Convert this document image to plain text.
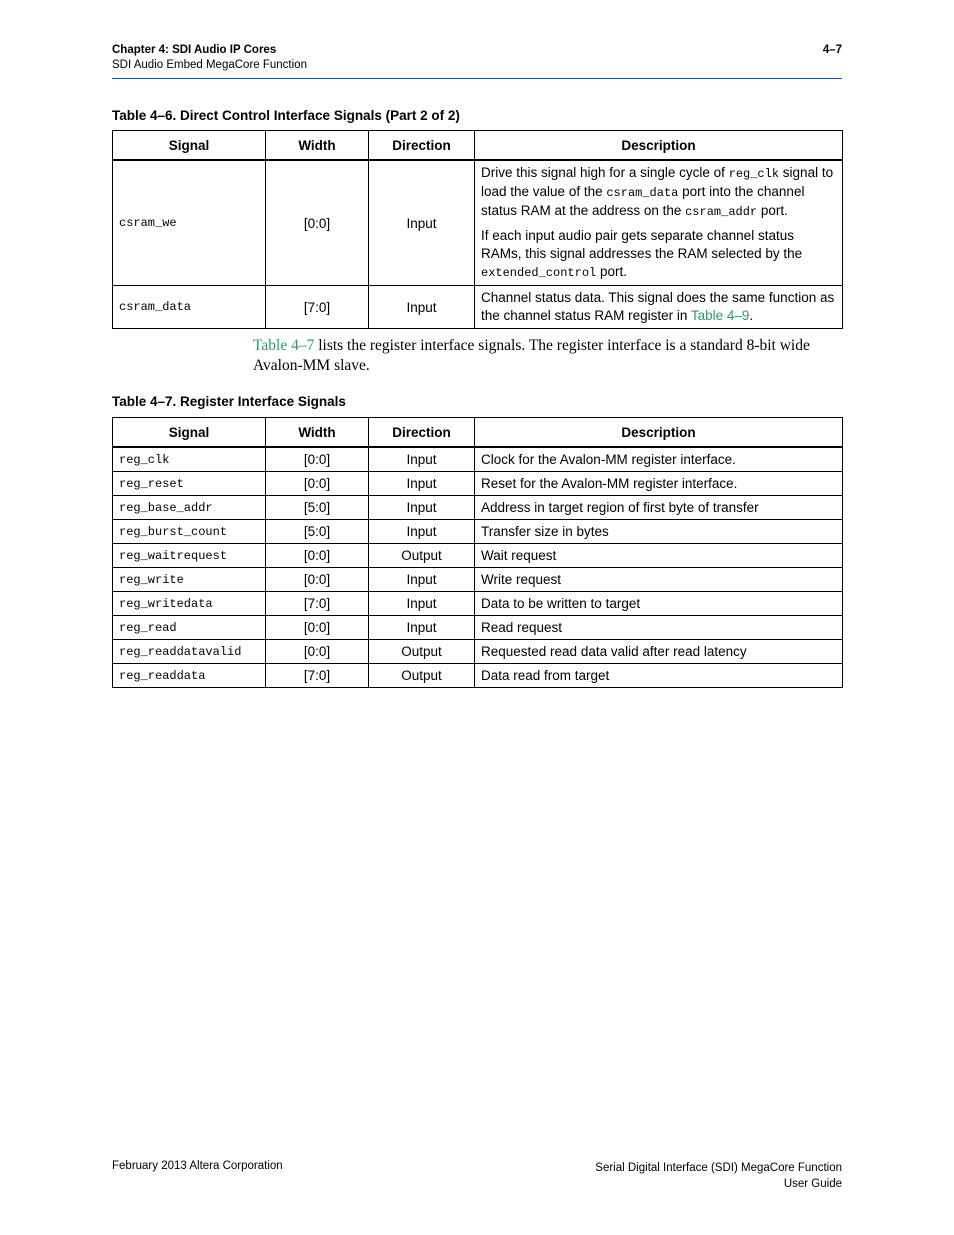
Chapter 4: SDI Audio IP Cores
SDI Audio Embed MegaCore Function
4–7
Table 4–6. Direct Control Interface Signals (Part 2 of 2)
Signal	Width	Direction	Description
csram_we	[0:0]	Input	Drive this signal high for a single cycle of reg_clk signal to load the value of the csram_data port into the channel status RAM at the address on the csram_addr port.
If each input audio pair gets separate channel status RAMs, this signal addresses the RAM selected by the extended_control port.

csram_data	[7:0]	Input	Channel status data. This signal does the same function as the channel status RAM register in Table 4–9.
Table 4–7 lists the register interface signals. The register interface is a standard 8-bit wide Avalon-MM slave.
Table 4–7. Register Interface Signals
Signal	Width	Direction	Description
reg_clk	[0:0]	Input	Clock for the Avalon-MM register interface.
reg_reset	[0:0]	Input	Reset for the Avalon-MM register interface.
reg_base_addr	[5:0]	Input	Address in target region of first byte of transfer
reg_burst_count	[5:0]	Input	Transfer size in bytes
reg_waitrequest	[0:0]	Output	Wait request
reg_write	[0:0]	Input	Write request
reg_writedata	[7:0]	Input	Data to be written to target
reg_read	[0:0]	Input	Read request
reg_readdatavalid	[0:0]	Output	Requested read data valid after read latency
reg_readdata	[7:0]	Output	Data read from target
February 2013 Altera Corporation	Serial Digital Interface (SDI) MegaCore Function
User Guide
